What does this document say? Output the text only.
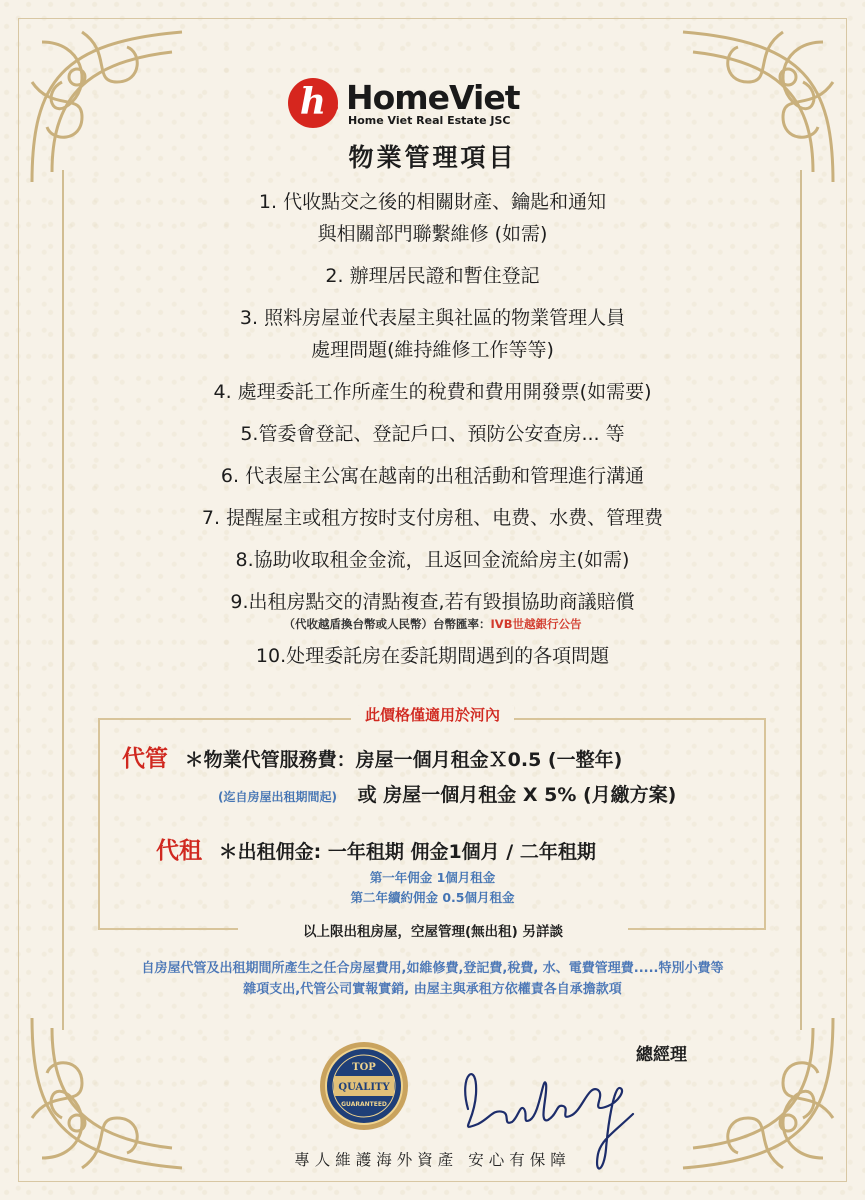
h HomeViet
Home Viet Real Estate JSC
物業管理項目
1. 代收點交之後的相關財產、鑰匙和通知
與相關部門聯繫維修 (如需)
2. 辦理居民證和暫住登記
3. 照料房屋並代表屋主與社區的物業管理人員
處理問題(維持維修工作等等)
4. 處理委託工作所產生的稅費和費用開發票(如需要)
5.管委會登記、登記戶口、預防公安查房... 等
6. 代表屋主公寓在越南的出租活動和管理進行溝通
7. 提醒屋主或租方按时支付房租、电费、水费、管理费
8.協助收取租金金流，且返回金流給房主(如需)
9.出租房點交的清點複查,若有毀損協助商議賠償
（代收越盾換台幣或人民幣）台幣匯率：IVB世越銀行公告
10.处理委託房在委託期間遇到的各項問題
此價格僅適用於河內
代管 ＊物業代管服務費：房屋一個月租金Ｘ0.5 (一整年)
(迄自房屋出租期間起) 或 房屋一個月租金 X 5% (月繳方案)
代租 ＊出租佣金: 一年租期 佣金1個月 / 二年租期
第一年佣金 1個月租金
第二年續約佣金 0.5個月租金
以上限出租房屋，空屋管理(無出租) 另詳談
自房屋代管及出租期間所產生之任合房屋費用,如維修費,登記費,稅費, 水、電費管理費.....特別小費等
雜項支出,代管公司實報實銷, 由屋主與承租方依權責各自承擔款項
總經理
TOP
QUALITY
GUARANTEED
專人維護海外資產 安心有保障
